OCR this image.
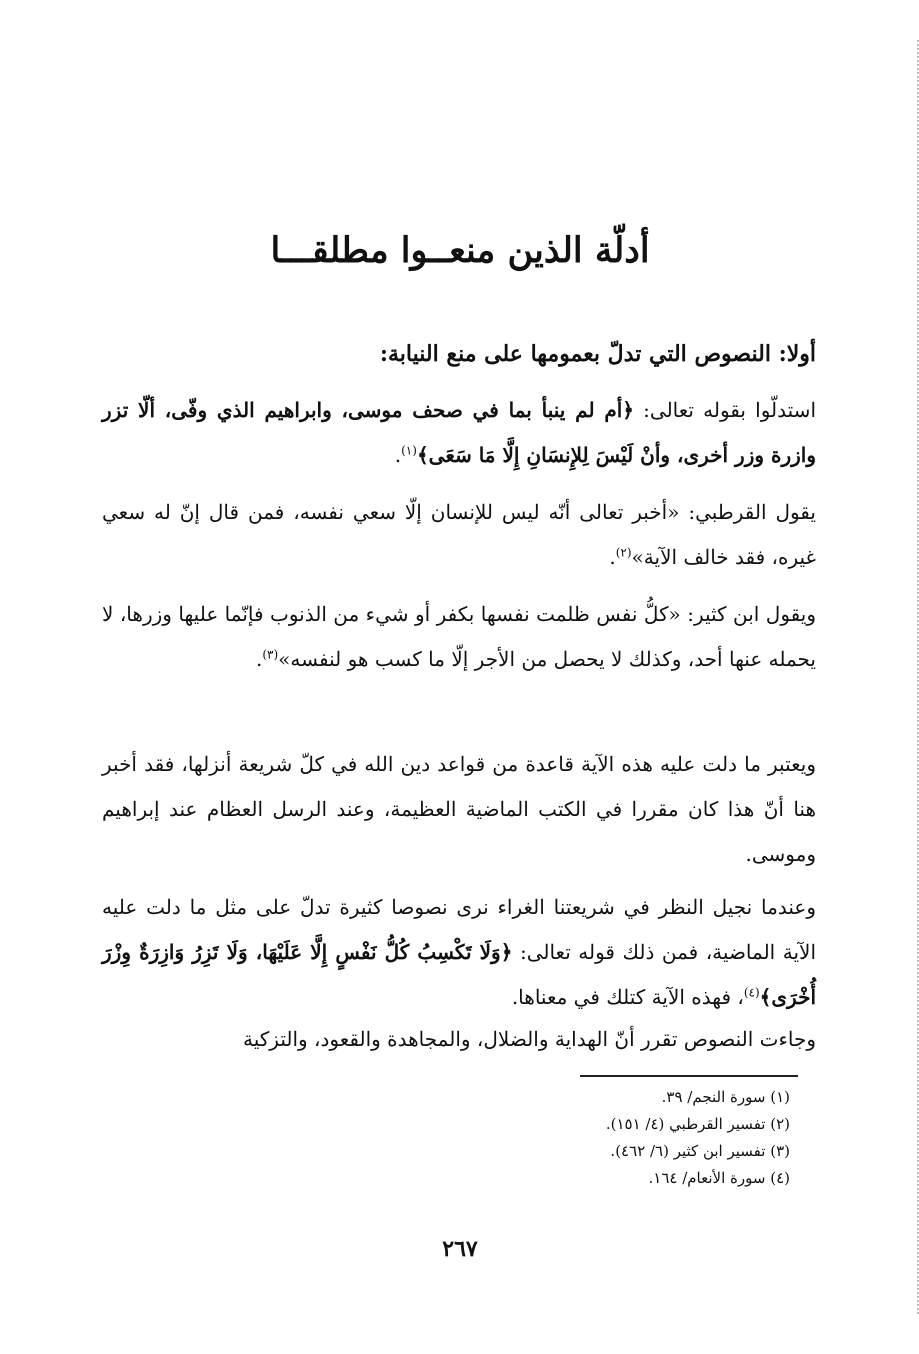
أدلّة الذين منعــوا مطلقـــا
أولا: النصوص التي تدلّ بعمومها على منع النيابة:
استدلّوا بقوله تعالى: ﴿أم لم ينبأ بما في صحف موسى، وابراهيم الذي وفّى، ألّا تزر وازرة وزر أخرى، وأنْ لَيْسَ لِلإِنسَانِ إِلَّا مَا سَعَى﴾$^{(١)}$.
يقول القرطبي: «أخبر تعالى أنّه ليس للإنسان إلّا سعي نفسه، فمن قال إنّ له سعي غيره، فقد خالف الآية»$^{(٢)}$.
ويقول ابن كثير: «كلُّ نفس ظلمت نفسها بكفر أو شيء من الذنوب فإنّما عليها وزرها، لا يحمله عنها أحد، وكذلك لا يحصل من الأجر إلّا ما كسب هو لنفسه»$^{(٣)}$.
ويعتبر ما دلت عليه هذه الآية قاعدة من قواعد دين الله في كلّ شريعة أنزلها، فقد أخبر هنا أنّ هذا كان مقررا في الكتب الماضية العظيمة، وعند الرسل العظام عند إبراهيم وموسى.
وعندما نجيل النظر في شريعتنا الغراء نرى نصوصا كثيرة تدلّ على مثل ما دلت عليه الآية الماضية، فمن ذلك قوله تعالى: ﴿وَلَا تَكْسِبُ كُلُّ نَفْسٍ إِلَّا عَلَيْهَا، وَلَا تَزِرُ وَازِرَةٌ وِزْرَ أُخْرَى﴾$^{(٤)}$، فهذه الآية كتلك في معناها.
وجاءت النصوص تقرر أنّ الهداية والضلال، والمجاهدة والقعود، والتزكية
(١) سورة النجم/ ٣٩.
(٢) تفسير القرطبي (٤/ ١٥١).
(٣) تفسير ابن كثير (٦/ ٤٦٢).
(٤) سورة الأنعام/ ١٦٤.
٢٦٧
